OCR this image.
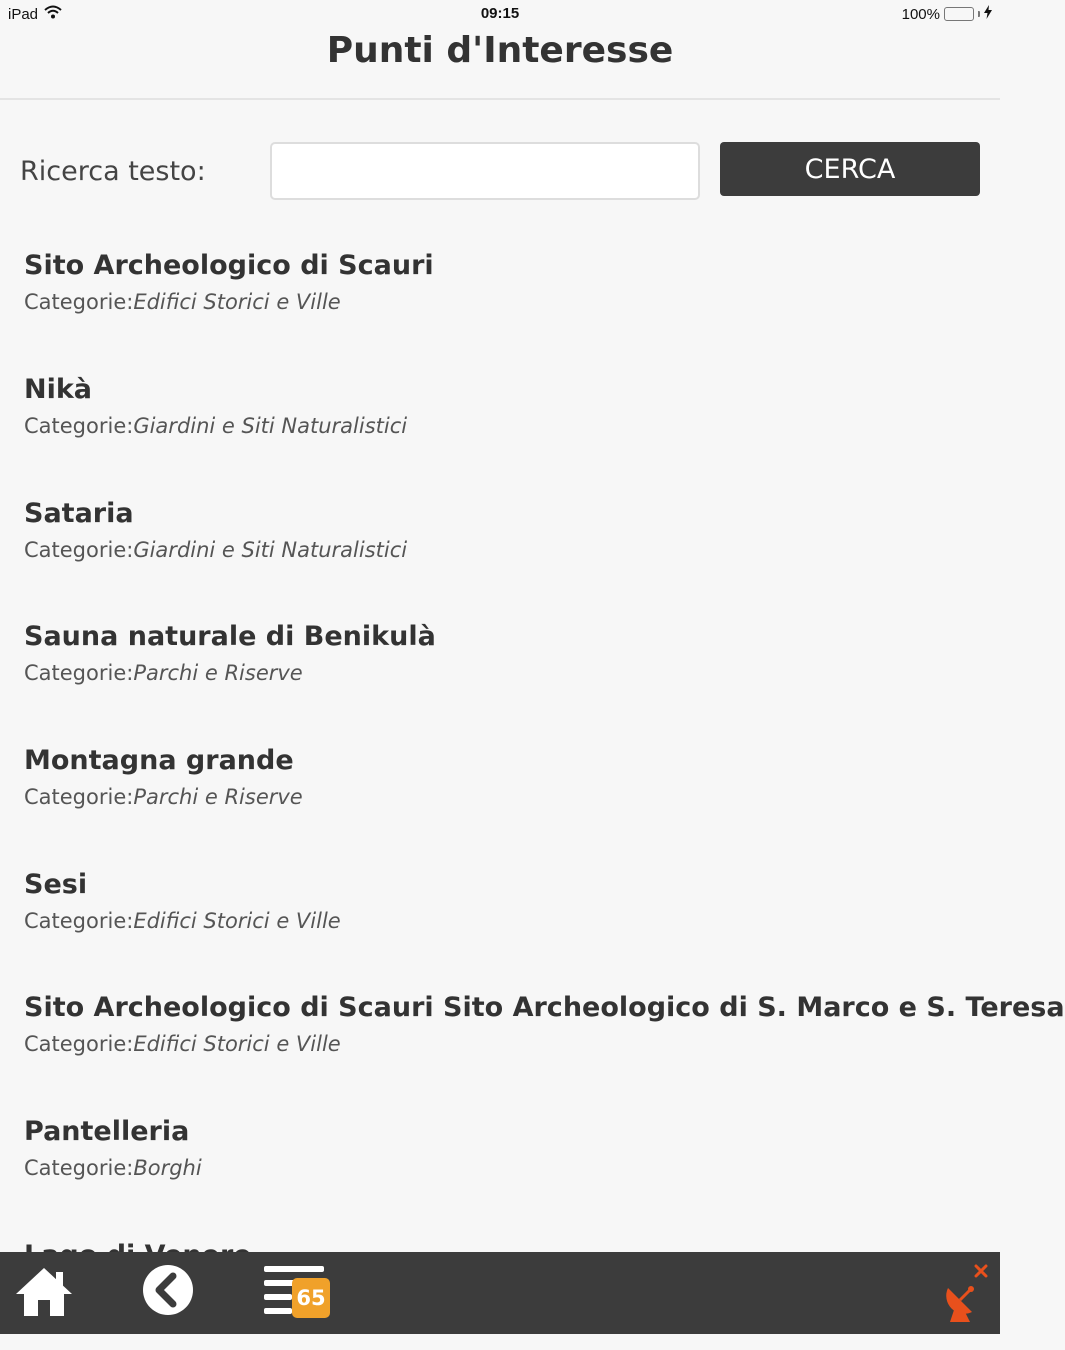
iPad	09:15	100%
Punti d'Interesse
Ricerca testo:	CERCA
Sito Archeologico di Scauri
Categorie:Edifici Storici e Ville
Nikà
Categorie:Giardini e Siti Naturalistici
Sataria
Categorie:Giardini e Siti Naturalistici
Sauna naturale di Benikulà
Categorie:Parchi e Riserve
Montagna grande
Categorie:Parchi e Riserve
Sesi
Categorie:Edifici Storici e Ville
Sito Archeologico di Scauri Sito Archeologico di S. Marco e S. Teresa
Categorie:Edifici Storici e Ville
Pantelleria
Categorie:Borghi
65
